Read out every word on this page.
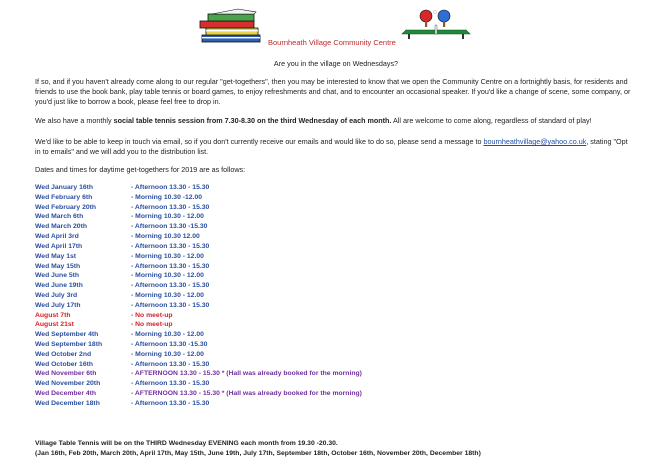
Bournheath Village Community Centre
Are you in the village on Wednesdays?
If so, and if you haven't already come along to our regular "get-togethers", then you may be interested to know that we open the Community Centre on a fortnightly basis, for residents and friends to use the book bank, play table tennis or board games, to enjoy refreshments and chat, and to encounter an occasional speaker. If you'd like a change of scene, some company, or you'd just like to borrow a book, please feel free to drop in.
We also have a monthly social table tennis session from 7.30-8.30 on the third Wednesday of each month. All are welcome to come along, regardless of standard of play!
We'd like to be able to keep in touch via email, so if you don't currently receive our emails and would like to do so, please send a message to bournheathvillage@yahoo.co.uk, stating "Opt in to emails" and we will add you to the distribution list.
Dates and times for daytime get-togethers for 2019 are as follows:
Wed January 16th	- Afternoon 13.30 - 15.30
Wed February 6th	- Morning 10.30 -12.00
Wed February 20th	- Afternoon 13.30 - 15.30
Wed March 6th	- Morning 10.30 - 12.00
Wed March 20th	- Afternoon 13.30 -15.30
Wed April 3rd	- Morning 10.30 12.00
Wed April 17th	- Afternoon 13.30 - 15.30
Wed May 1st	- Morning 10.30 - 12.00
Wed May 15th	- Afternoon 13.30 - 15.30
Wed June 5th	- Morning 10.30 - 12.00
Wed June 19th	- Afternoon 13.30 - 15.30
Wed July 3rd	- Morning 10.30 - 12.00
Wed July 17th	- Afternoon 13.30 - 15.30
August 7th	- No meet-up
August 21st	- No meet-up
Wed September 4th	- Morning 10.30 - 12.00
Wed September 18th	- Afternoon 13.30 -15.30
Wed October 2nd	- Morning 10.30 - 12.00
Wed October 16th	- Afternoon 13.30 - 15.30
Wed November 6th	- AFTERNOON 13.30 - 15.30 * (Hall was already booked for the morning)
Wed November 20th	- Afternoon 13.30 - 15.30
Wed December 4th	- AFTERNOON 13.30 - 15.30 * (Hall was already booked for the morning)
Wed December 18th	- Afternoon 13.30 - 15.30
Village Table Tennis will be on the THIRD Wednesday EVENING each month from 19.30 -20.30.
(Jan 16th, Feb 20th, March 20th, April 17th, May 15th, June 19th, July 17th, September 18th, October 16th, November 20th, December 18th)
